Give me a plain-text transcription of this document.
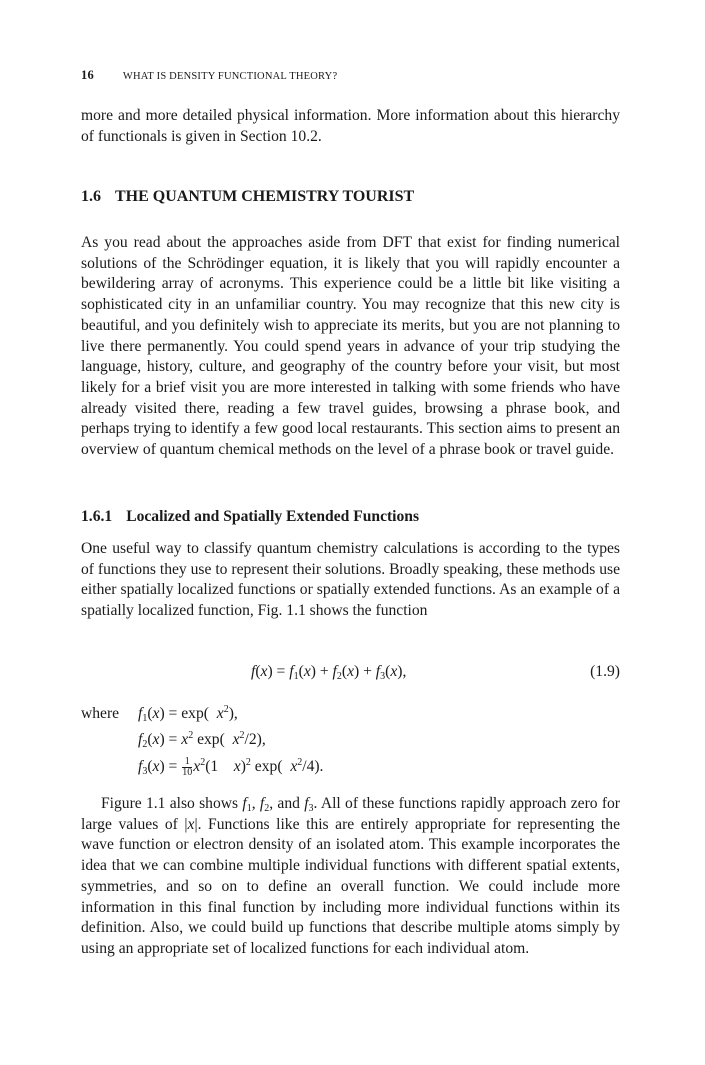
16	WHAT IS DENSITY FUNCTIONAL THEORY?

more and more detailed physical information. More information about this hierarchy of functionals is given in Section 10.2.

1.6 THE QUANTUM CHEMISTRY TOURIST

As you read about the approaches aside from DFT that exist for finding numerical solutions of the Schrödinger equation, it is likely that you will rapidly encounter a bewildering array of acronyms. This experience could be a little bit like visiting a sophisticated city in an unfamiliar country. You may recognize that this new city is beautiful, and you definitely wish to appreciate its merits, but you are not planning to live there permanently. You could spend years in advance of your trip studying the language, history, culture, and geography of the country before your visit, but most likely for a brief visit you are more interested in talking with some friends who have already visited there, reading a few travel guides, browsing a phrase book, and perhaps trying to identify a few good local restaurants. This section aims to present an overview of quantum chemical methods on the level of a phrase book or travel guide.

1.6.1 Localized and Spatially Extended Functions

One useful way to classify quantum chemistry calculations is according to the types of functions they use to represent their solutions. Broadly speaking, these methods use either spatially localized functions or spatially extended functions. As an example of a spatially localized function, Fig. 1.1 shows the function

$f(x) = f_1(x) + f_2(x) + f_3(x)$,	(1.9)
where $f_1(x) = \exp$(  $x^2$),
$f_2(x) = x^2$ exp(  $x^2/2$),
$f_3(x) = \frac{1}{10} x^2(1$    x)$^2$ exp(  $x^2/4$).

Figure 1.1 also shows $f_1$, $f_2$, and $f_3$. All of these functions rapidly approach zero for large values of |x|. Functions like this are entirely appropriate for representing the wave function or electron density of an isolated atom. This example incorporates the idea that we can combine multiple individual functions with different spatial extents, symmetries, and so on to define an overall function. We could include more information in this final function by including more individual functions within its definition. Also, we could build up functions that describe multiple atoms simply by using an appropriate set of localized functions for each individual atom.
